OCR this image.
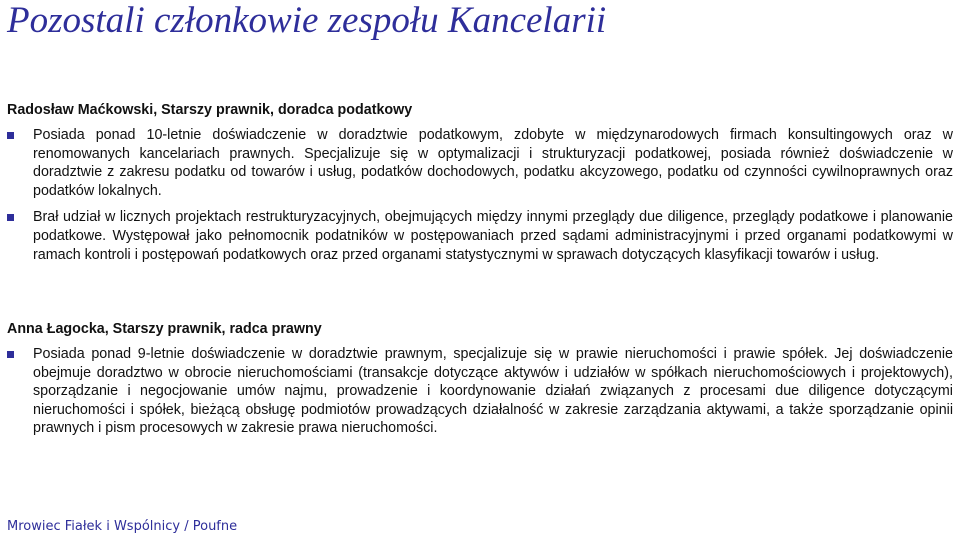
Pozostali członkowie zespołu Kancelarii
Radosław Maćkowski, Starszy prawnik, doradca podatkowy
Posiada ponad 10-letnie doświadczenie w doradztwie podatkowym, zdobyte w międzynarodowych firmach konsultingowych oraz w renomowanych kancelariach prawnych. Specjalizuje się w optymalizacji i strukturyzacji podatkowej, posiada również doświadczenie w doradztwie z zakresu podatku od towarów i usług, podatków dochodowych, podatku akcyzowego, podatku od czynności cywilnoprawnych oraz podatków lokalnych.
Brał udział w licznych projektach restrukturyzacyjnych, obejmujących między innymi przeglądy due diligence, przeglądy podatkowe i planowanie podatkowe. Występował jako pełnomocnik podatników w postępowaniach przed sądami administracyjnymi i przed organami podatkowymi w ramach kontroli i postępowań podatkowych oraz przed organami statystycznymi w sprawach dotyczących klasyfikacji towarów i usług.
Anna Łagocka, Starszy prawnik, radca prawny
Posiada ponad 9-letnie doświadczenie w doradztwie prawnym, specjalizuje się w prawie nieruchomości i prawie spółek. Jej doświadczenie obejmuje doradztwo w obrocie nieruchomościami (transakcje dotyczące aktywów i udziałów w spółkach nieruchomościowych i projektowych), sporządzanie i negocjowanie umów najmu, prowadzenie i koordynowanie działań związanych z procesami due diligence dotyczącymi nieruchomości i spółek, bieżącą obsługę podmiotów prowadzących działalność w zakresie zarządzania aktywami, a także sporządzanie opinii prawnych i pism procesowych w zakresie prawa nieruchomości.
Mrowiec Fiałek i Wspólnicy / Poufne
